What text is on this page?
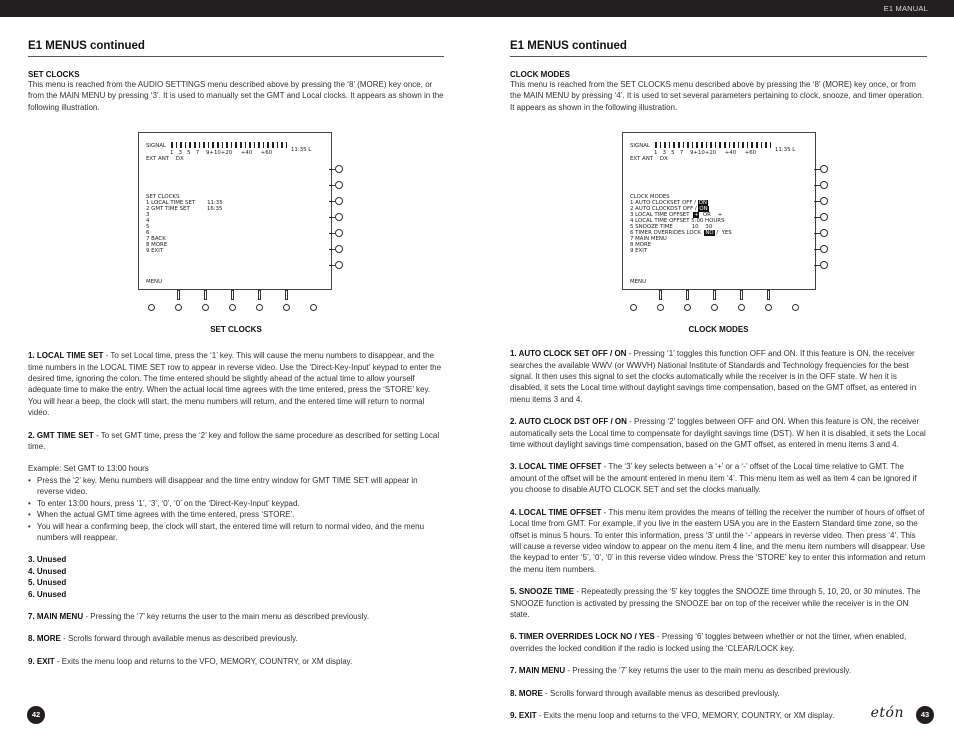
E1 MANUAL
E1 MENUS continued
SET CLOCKS
This menu is reached from the AUDIO SETTINGS menu described above by pressing the ‘8’ (MORE) key once, or from the MAIN MENU by pressing ‘3’. It is used to manually set the GMT and Local clocks. It appears as shown in the following illustration.
SIGNAL
1   3   5   7    9+10+20     +40     +60	11:35 L
EXT ANT    DX
SET CLOCKS
1 LOCAL TIME SET       11:35
2 GMT TIME SET          16:35
3
4
5
6
7 BACK
8 MORE
9 EXIT
MENU
SET CLOCKS
1. LOCAL TIME SET - To set Local time, press the ‘1’ key. This will cause the menu numbers to disappear, and the time numbers in the LOCAL TIME SET row to appear in reverse video. Use the ‘Direct-Key-Input’ keypad to enter the desired time, ignoring the colon. The time entered should be slightly ahead of the actual time to allow yourself adequate time to make the entry. When the actual local time agrees with the time entered, press the ‘STORE’ key. You will hear a beep, the clock will start, the menu numbers will return, and the entered time will return to normal video.
2. GMT TIME SET - To set GMT time, press the ‘2’ key and follow the same procedure as described for setting Local time.
Example: Set GMT to 13:00 hours
• Press the ‘2’ key. Menu numbers will disappear and the time entry window for GMT TIME SET will appear in reverse video.
• To enter 13:00 hours, press ‘1’, ‘3’, ‘0’, ‘0’ on the ‘Direct-Key-Input’ keypad.
• When the actual GMT time agrees with the time entered, press ‘STORE’.
• You will hear a confirming beep, the clock will start, the entered time will return to normal video, and the menu numbers will reappear.
3. Unused
4. Unused
5. Unused
6. Unused
7. MAIN MENU - Pressing the ‘7’ key returns the user to the main menu as described previously.
8. MORE - Scrolls forward through available menus as described previously.
9. EXIT - Exits the menu loop and returns to the VFO, MEMORY, COUNTRY, or XM display.
E1 MENUS continued
CLOCK MODES
This menu is reached from the SET CLOCKS menu described above by pressing the ‘8’ (MORE) key once, or from the MAIN MENU by pressing ‘4’. It is used to set several parameters pertaining to clock, snooze, and timer operation. It appears as shown in the following illustration.
SIGNAL
1   3   5   7    9+10+20     +40     +60	11:35 L
EXT ANT    DX
CLOCK MODES
1 AUTO CLOCKSET OFF / ON
2 AUTO CLOCKDST OFF / ON
3 LOCAL TIME OFFSET + OR    +
4 LOCAL TIME OFFSET 5:00 HOURS
5 SNOOZE TIME           10    30
6 TIMER OVERRIDES LOCK NO /  YES
7 MAIN MENU
8 MORE
9 EXIT
MENU
CLOCK MODES
1. AUTO CLOCK SET OFF / ON - Pressing ‘1’ toggles this function OFF and ON. If this feature is ON, the receiver searches the available WWV (or WWVH) National Institute of Standards and Technology frequencies for the best signal. It then uses this signal to set the clocks automatically while the receiver is in the OFF state. W hen it is disabled, it sets the Local time without daylight savings time compensation, based on the GMT offset, as entered in menu items 3 and 4.
2. AUTO CLOCK DST OFF / ON - Pressing ‘2’ toggles between OFF and ON. When this feature is ON, the receiver automatically sets the Local time to compensate for daylight savings time (DST). W hen it is disabled, it sets the Local time without daylight savings time compensation, based on the GMT offset, as entered in menu items 3 and 4.
3. LOCAL TIME OFFSET - The ‘3’ key selects between a ‘+’ or a ‘-’ offset of the Local time relative to GMT. The amount of the offset will be the amount entered in menu item ‘4’. This menu item as well as item 4 can be ignored if you choose to disable AUTO CLOCK SET and set the clocks manually.
4. LOCAL TIME OFFSET - This menu item provides the means of telling the receiver the number of hours of offset of Local time from GMT. For example, if you live in the eastern USA you are in the Eastern Standard time zone, so the offset is minus 5 hours. To enter this information, press ‘3’ until the ‘-’ appears in reverse video. Then press ‘4’. This will cause a reverse video window to appear on the menu item 4 line, and the menu item numbers will disappear. Use the keypad to enter ‘5’, ‘0’, ‘0’ in this reverse video window. Press the ‘STORE’ key to enter this information and return the menu item numbers.
5. SNOOZE TIME - Repeatedly pressing the ‘5’ key toggles the SNOOZE time through 5, 10, 20, or 30 minutes. The SNOOZE function is activated by pressing the SNOOZE bar on top of the receiver while the receiver is in the ON state.
6. TIMER OVERRIDES LOCK NO / YES - Pressing ‘6’ toggles between whether or not the timer, when enabled, overrides the locked condition if the radio is locked using the ‘CLEAR/LOCK key.
7. MAIN MENU - Pressing the ‘7’ key returns the user to the main menu as described previously.
8. MORE - Scrolls forward through available menus as described previously.
9. EXIT - Exits the menu loop and returns to the VFO, MEMORY, COUNTRY, or XM display.
42	etón	43
